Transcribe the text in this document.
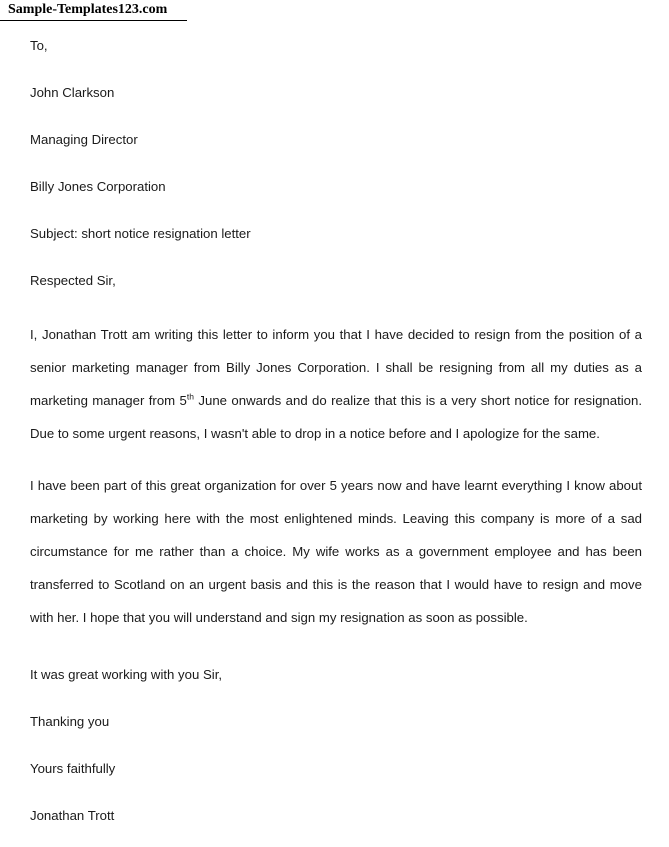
Sample-Templates123.com
To,
John Clarkson
Managing Director
Billy Jones Corporation
Subject: short notice resignation letter
Respected Sir,

I, Jonathan Trott am writing this letter to inform you that I have decided to resign from the position of a senior marketing manager from Billy Jones Corporation. I shall be resigning from all my duties as a marketing manager from 5th June onwards and do realize that this is a very short notice for resignation. Due to some urgent reasons, I wasn't able to drop in a notice before and I apologize for the same.

I have been part of this great organization for over 5 years now and have learnt everything I know about marketing by working here with the most enlightened minds. Leaving this company is more of a sad circumstance for me rather than a choice. My wife works as a government employee and has been transferred to Scotland on an urgent basis and this is the reason that I would have to resign and move with her. I hope that you will understand and sign my resignation as soon as possible.

It was great working with you Sir,
Thanking you
Yours faithfully
Jonathan Trott
